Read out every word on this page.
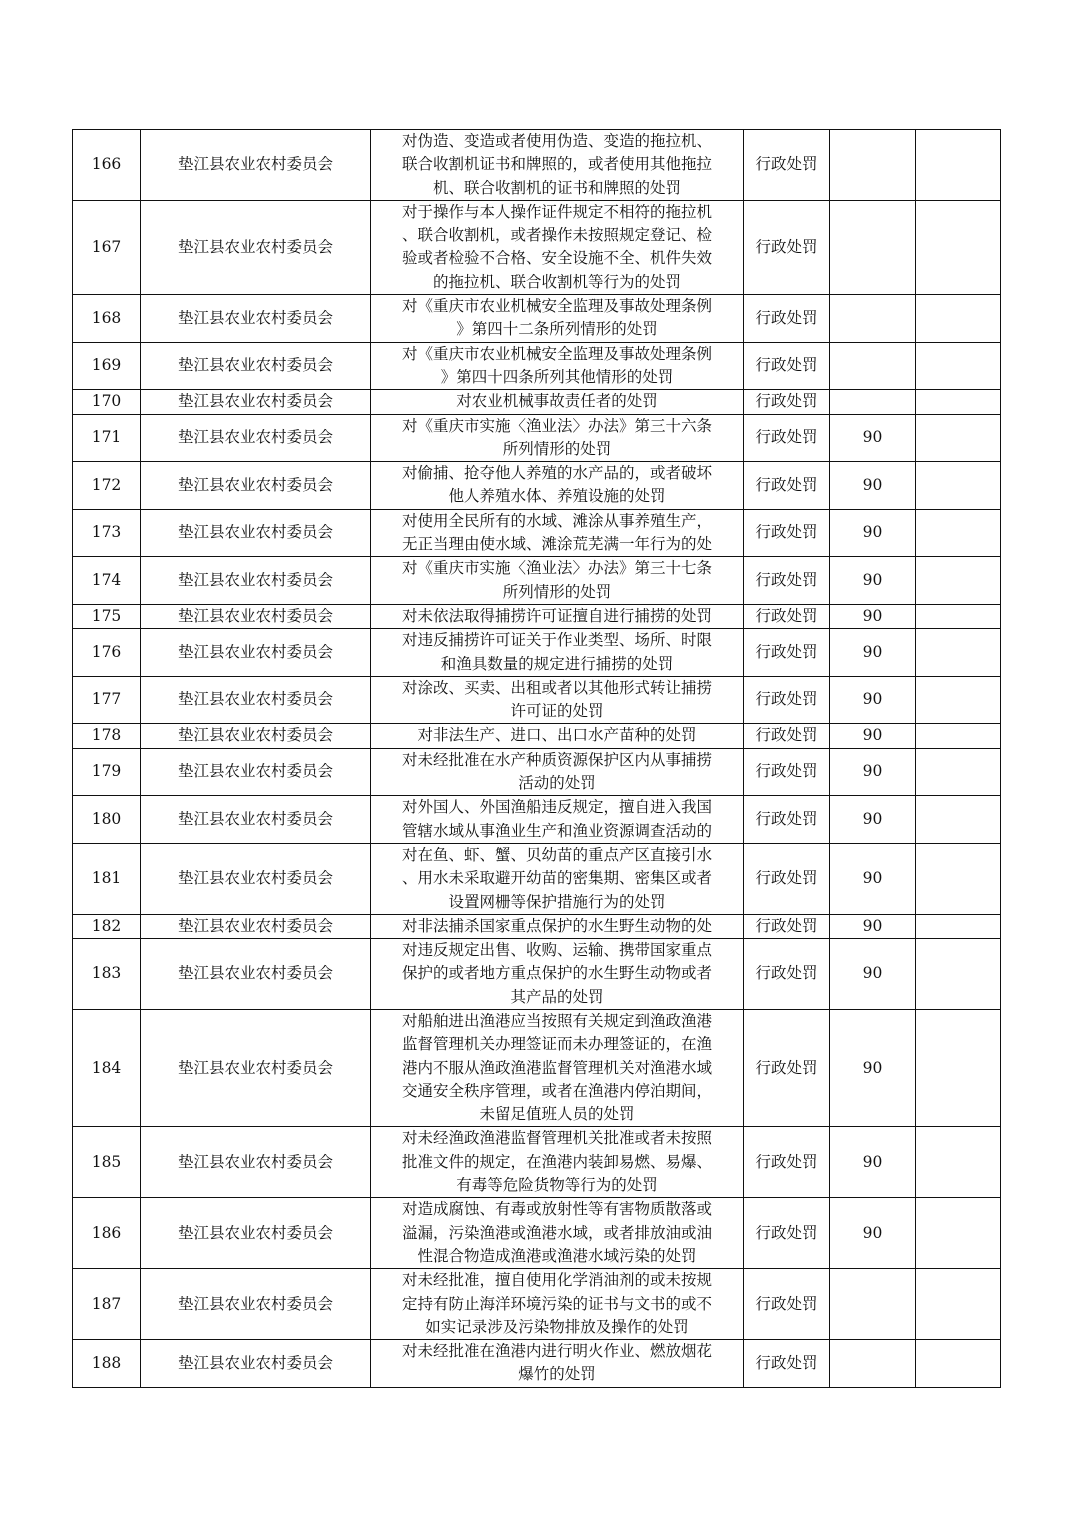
166	垫江县农业农村委员会	对伪造、变造或者使用伪造、变造的拖拉机、
联合收割机证书和牌照的，或者使用其他拖拉
机、联合收割机的证书和牌照的处罚	行政处罚		
167	垫江县农业农村委员会	对于操作与本人操作证件规定不相符的拖拉机
、联合收割机，或者操作未按照规定登记、检
验或者检验不合格、安全设施不全、机件失效
的拖拉机、联合收割机等行为的处罚	行政处罚		
168	垫江县农业农村委员会	对《重庆市农业机械安全监理及事故处理条例
》第四十二条所列情形的处罚	行政处罚		
169	垫江县农业农村委员会	对《重庆市农业机械安全监理及事故处理条例
》第四十四条所列其他情形的处罚	行政处罚		
170	垫江县农业农村委员会	对农业机械事故责任者的处罚	行政处罚		
171	垫江县农业农村委员会	对《重庆市实施〈渔业法〉办法》第三十六条
所列情形的处罚	行政处罚	90	
172	垫江县农业农村委员会	对偷捕、抢夺他人养殖的水产品的，或者破坏
他人养殖水体、养殖设施的处罚	行政处罚	90	
173	垫江县农业农村委员会	对使用全民所有的水域、滩涂从事养殖生产，
无正当理由使水域、滩涂荒芜满一年行为的处	行政处罚	90	
174	垫江县农业农村委员会	对《重庆市实施〈渔业法〉办法》第三十七条
所列情形的处罚	行政处罚	90	
175	垫江县农业农村委员会	对未依法取得捕捞许可证擅自进行捕捞的处罚	行政处罚	90	
176	垫江县农业农村委员会	对违反捕捞许可证关于作业类型、场所、时限
和渔具数量的规定进行捕捞的处罚	行政处罚	90	
177	垫江县农业农村委员会	对涂改、买卖、出租或者以其他形式转让捕捞
许可证的处罚	行政处罚	90	
178	垫江县农业农村委员会	对非法生产、进口、出口水产苗种的处罚	行政处罚	90	
179	垫江县农业农村委员会	对未经批准在水产种质资源保护区内从事捕捞
活动的处罚	行政处罚	90	
180	垫江县农业农村委员会	对外国人、外国渔船违反规定，擅自进入我国
管辖水域从事渔业生产和渔业资源调查活动的	行政处罚	90	
181	垫江县农业农村委员会	对在鱼、虾、蟹、贝幼苗的重点产区直接引水
、用水未采取避开幼苗的密集期、密集区或者
设置网栅等保护措施行为的处罚	行政处罚	90	
182	垫江县农业农村委员会	对非法捕杀国家重点保护的水生野生动物的处	行政处罚	90	
183	垫江县农业农村委员会	对违反规定出售、收购、运输、携带国家重点
保护的或者地方重点保护的水生野生动物或者
其产品的处罚	行政处罚	90	
184	垫江县农业农村委员会	对船舶进出渔港应当按照有关规定到渔政渔港
监督管理机关办理签证而未办理签证的，在渔
港内不服从渔政渔港监督管理机关对渔港水域
交通安全秩序管理，或者在渔港内停泊期间，
未留足值班人员的处罚	行政处罚	90	
185	垫江县农业农村委员会	对未经渔政渔港监督管理机关批准或者未按照
批准文件的规定，在渔港内装卸易燃、易爆、
有毒等危险货物等行为的处罚	行政处罚	90	
186	垫江县农业农村委员会	对造成腐蚀、有毒或放射性等有害物质散落或
溢漏，污染渔港或渔港水域，或者排放油或油
性混合物造成渔港或渔港水域污染的处罚	行政处罚	90	
187	垫江县农业农村委员会	对未经批准，擅自使用化学消油剂的或未按规
定持有防止海洋环境污染的证书与文书的或不
如实记录涉及污染物排放及操作的处罚	行政处罚		
188	垫江县农业农村委员会	对未经批准在渔港内进行明火作业、燃放烟花
爆竹的处罚	行政处罚		
